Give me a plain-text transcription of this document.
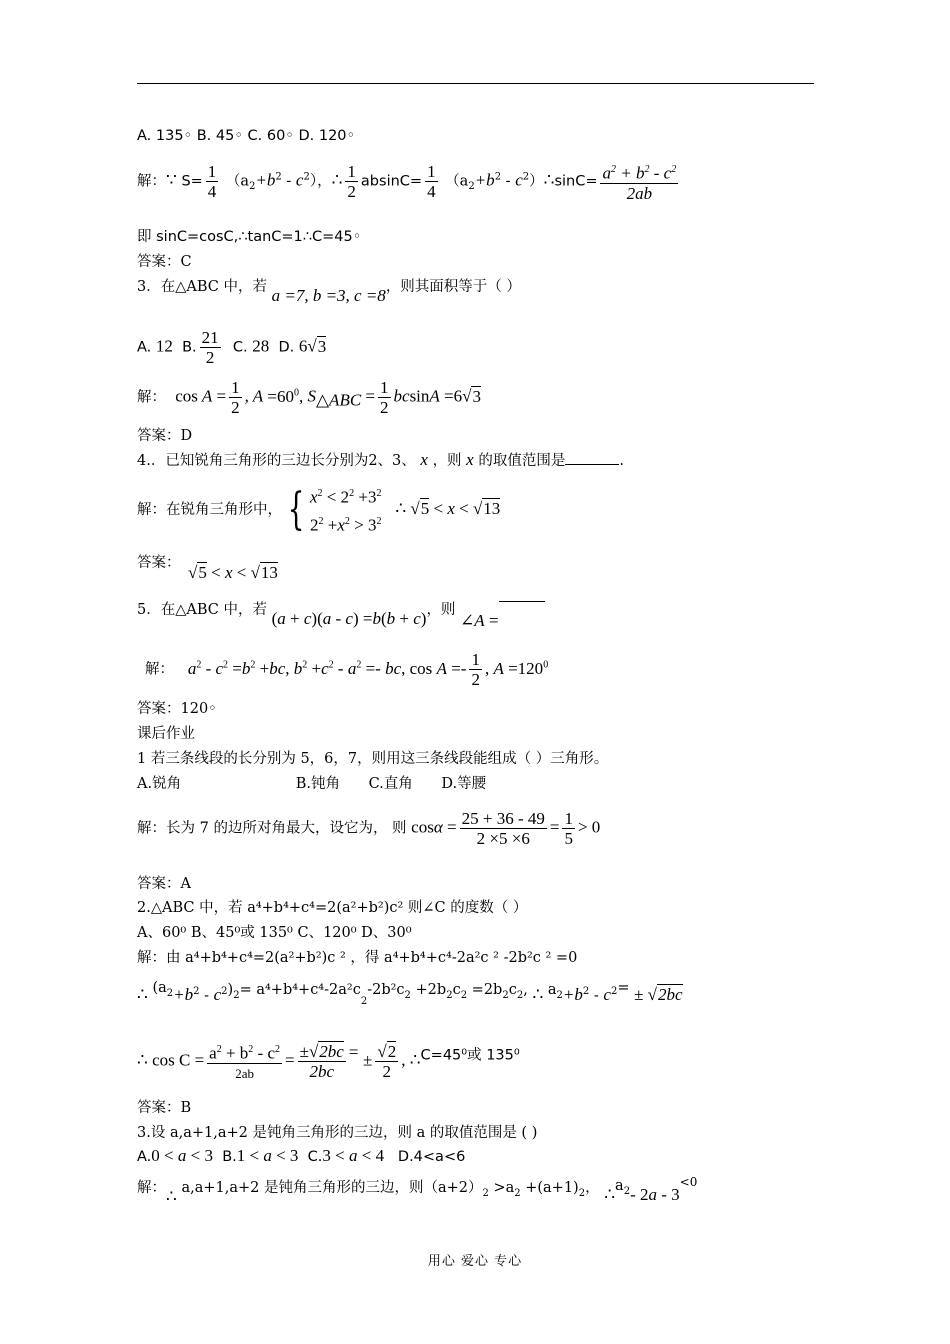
A. 135◦ B. 45◦ C. 60◦ D. 120◦
解：∵ $S= \frac{1}{4} (a_2+b^2 - c^2)$，∴ $\frac{1}{2} absinC= \frac{1}{4} (a_2+b^2$ - $c^2)\therefore\sin C= \frac{a^2 + b^2 - c^2}{2ab}$
即 sinC=cosC,∴tanC=1∴C=45◦
答案：C
3．在△ABC 中，若 a =7, b =3, c =8，则其面积等于（ ）
A. 12 B. $\frac{21}{2} C$. 28 D. 6√3
解： $\cos A = \frac{1}{2}$ , $A =60^0$, $S_{\triangle ABC} = \frac{1}{2}$ bcsinA =6√3
答案：D
4.．已知锐角三角形的三边长分别为2、3、 x ，则 x 的取值范围是	.
解：在锐角三角形中， { $x^2 < 2^2 +3^2$
$2^2 +x^2 > 3^2$
∴ √5 < x < √13
答案： √5 < x < √13
5．在△ABC 中，若 (a + c)(a - c) =b(b + c)，则 ∠A =
解： $a^2 - c^2 =b^2 +bc$, $b^2 +c^2 - a^2$ =- bc, $\cos A =- \frac{1}{2}$ , $A =120^0$
答案：120◦
课后作业
1 若三条线段的长分别为 5，6，7，则用这三条线段能组成（ ）三角形。
A.锐角	B.钝角 C.直角 D.等腰
解：长为 7 的边所对角最大，设它为， 则 $\cos\alpha = \frac{25 + 36 - 49}{2 \times 5 \times 6} = \frac{1}{5} > 0$
答案：A
2.△ABC 中，若 a⁴+b⁴+c⁴=2(a²+b²)c² 则∠C 的度数（ ）
A、60⁰ B、45⁰或 135⁰ C、120⁰ D、30⁰
解：由 a⁴+b⁴+c⁴=2(a²+b²)c ² ，得 a⁴+b⁴+c⁴-2a²c ² -2b²c ² =0
∴ $(a_2+b^2 - c^2)_2= a^4+b^4+c^4-2a^2c_2-2b^2c_2 +2b_2c_2 =2b_2c_2$, ∴ $a_2+b^2 - c^2= \pm √2bc$
∴ $\cos C = \frac{a^2 + b^2 - c^2}{2ab} = \frac{\pm√2bc}{2bc}$ = ± $\frac{√2}{2}$ , ∴C=45⁰或 135⁰
答案：B
3.设 a,a+1,a+2 是钝角三角形的三边，则 a 的取值范围是 ( )
A.0 < a < 3 B.1 < a < 3 C.3 < a < 4 D.4<a<6
解：∴ a,a+1,a+2 是钝角三角形的三边，则$(a+2)_2 >a_2 +(a+1)_2$， $\therefore a_2-$ $2a - 3^{<0}$
用心 爱心 专心
